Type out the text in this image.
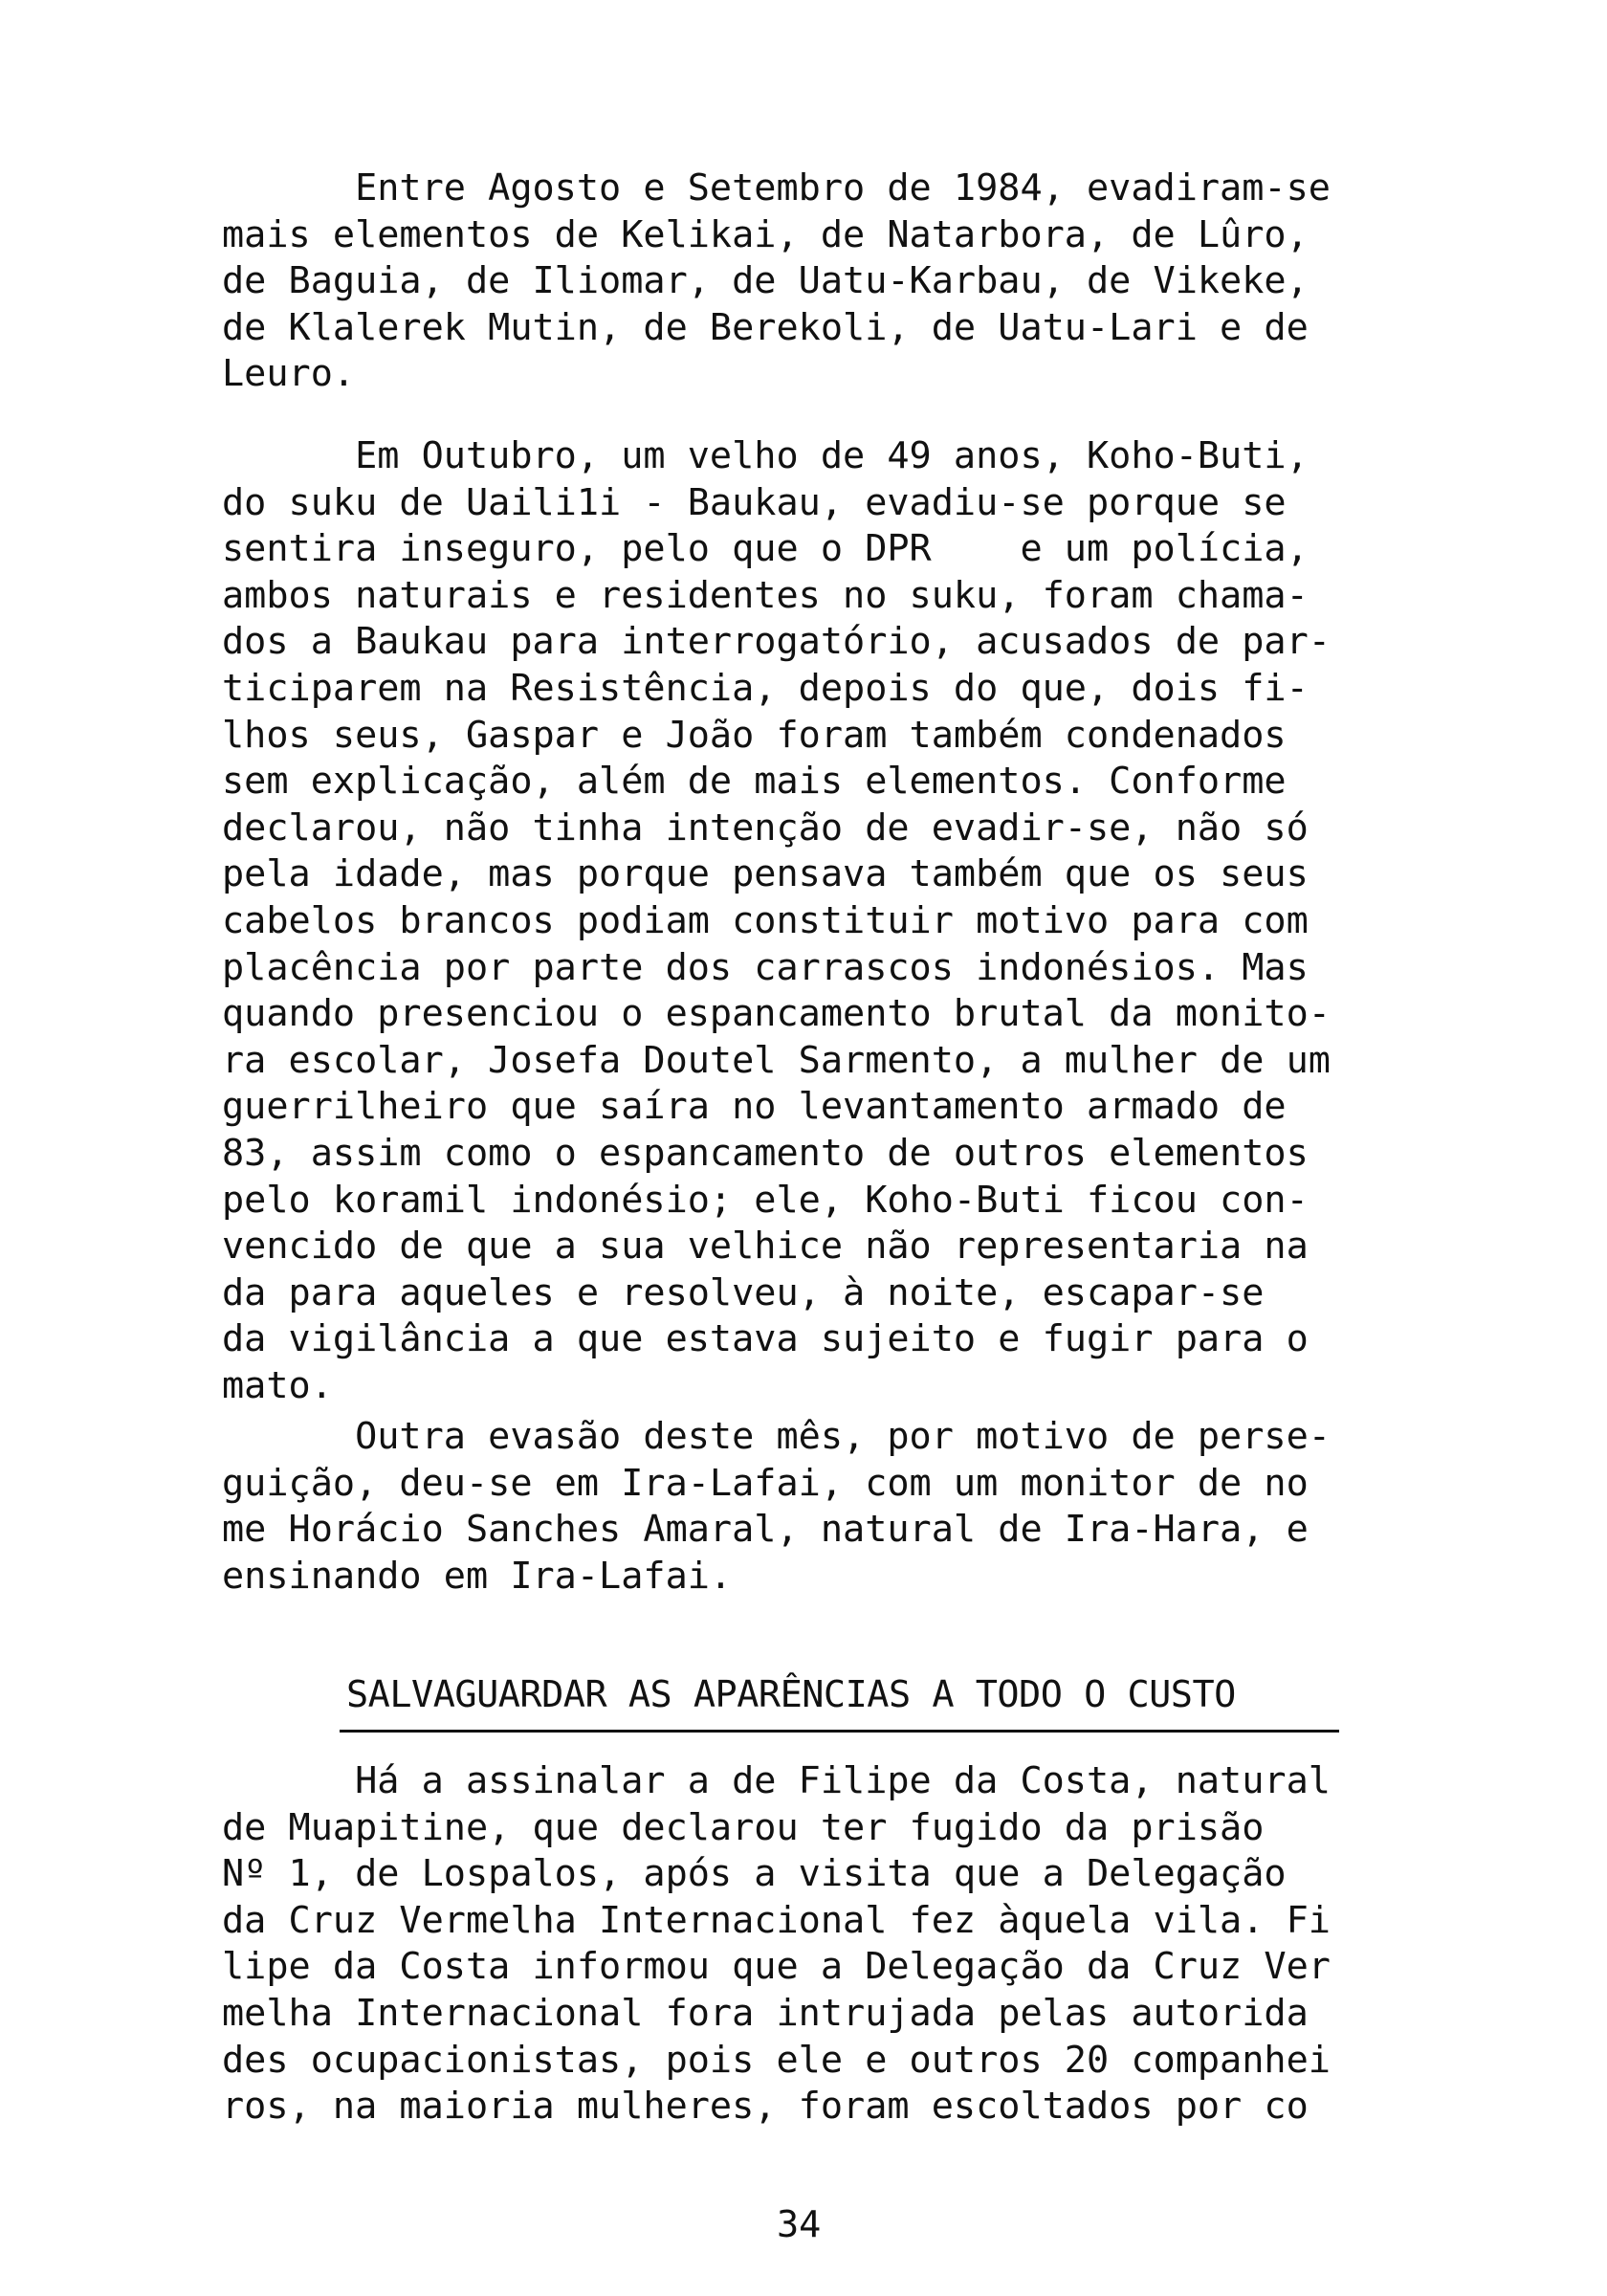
Entre Agosto e Setembro de 1984, evadiram-se
mais elementos de Kelikai, de Natarbora, de Lûro,
de Baguia, de Iliomar, de Uatu-Karbau, de Vikeke,
de Klalerek Mutin, de Berekoli, de Uatu-Lari e de
Leuro.
Em Outubro, um velho de 49 anos, Koho-Buti,
do suku de Uaili1i - Baukau, evadiu-se porque se
sentira inseguro, pelo que o DPR    e um polícia,
ambos naturais e residentes no suku, foram chama-
dos a Baukau para interrogatório, acusados de par-
ticiparem na Resistência, depois do que, dois fi-
lhos seus, Gaspar e João foram também condenados
sem explicação, além de mais elementos. Conforme
declarou, não tinha intenção de evadir-se, não só
pela idade, mas porque pensava também que os seus
cabelos brancos podiam constituir motivo para com
placência por parte dos carrascos indonésios. Mas
quando presenciou o espancamento brutal da monito-
ra escolar, Josefa Doutel Sarmento, a mulher de um
guerrilheiro que saíra no levantamento armado de
83, assim como o espancamento de outros elementos
pelo koramil indonésio; ele, Koho-Buti ficou con-
vencido de que a sua velhice não representaria na
da para aqueles e resolveu, à noite, escapar-se
da vigilância a que estava sujeito e fugir para o
mato.
Outra evasão deste mês, por motivo de perse-
guição, deu-se em Ira-Lafai, com um monitor de no
me Horácio Sanches Amaral, natural de Ira-Hara, e
ensinando em Ira-Lafai.
SALVAGUARDAR AS APARÊNCIAS A TODO O CUSTO
Há a assinalar a de Filipe da Costa, natural
de Muapitine, que declarou ter fugido da prisão
Nº 1, de Lospalos, após a visita que a Delegação
da Cruz Vermelha Internacional fez àquela vila. Fi
lipe da Costa informou que a Delegação da Cruz Ver
melha Internacional fora intrujada pelas autorida
des ocupacionistas, pois ele e outros 20 companhei
ros, na maioria mulheres, foram escoltados por co
34
